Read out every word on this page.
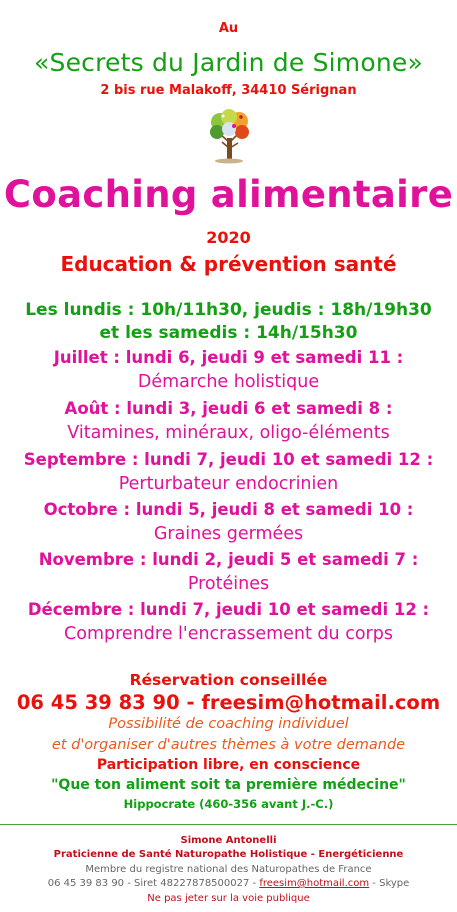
Au
«Secrets du Jardin de Simone»
2 bis rue Malakoff, 34410 Sérignan
Coaching alimentaire
2020
Education & prévention santé
Les lundis : 10h/11h30, jeudis : 18h/19h30
et les samedis : 14h/15h30
Juillet : lundi 6, jeudi 9 et samedi 11 :
Démarche holistique
Août : lundi 3, jeudi 6 et samedi 8 :
Vitamines, minéraux, oligo-éléments
Septembre : lundi 7, jeudi 10 et samedi 12 :
Perturbateur endocrinien
Octobre : lundi 5, jeudi 8 et samedi 10 :
Graines germées
Novembre : lundi 2, jeudi 5 et samedi 7 :
Protéines
Décembre : lundi 7, jeudi 10 et samedi 12 :
Comprendre l'encrassement du corps
Réservation conseillée
06 45 39 83 90 - freesim@hotmail.com
Possibilité de coaching individuel
et d'organiser d'autres thèmes à votre demande
Participation libre, en conscience
"Que ton aliment soit ta première médecine"
Hippocrate (460-356 avant J.-C.)
Simone Antonelli
Praticienne de Santé Naturopathe Holistique - Energéticienne
Membre du registre national des Naturopathes de France
06 45 39 83 90 - Siret 48227878500027 - freesim@hotmail.com - Skype
Ne pas jeter sur la voie publique
